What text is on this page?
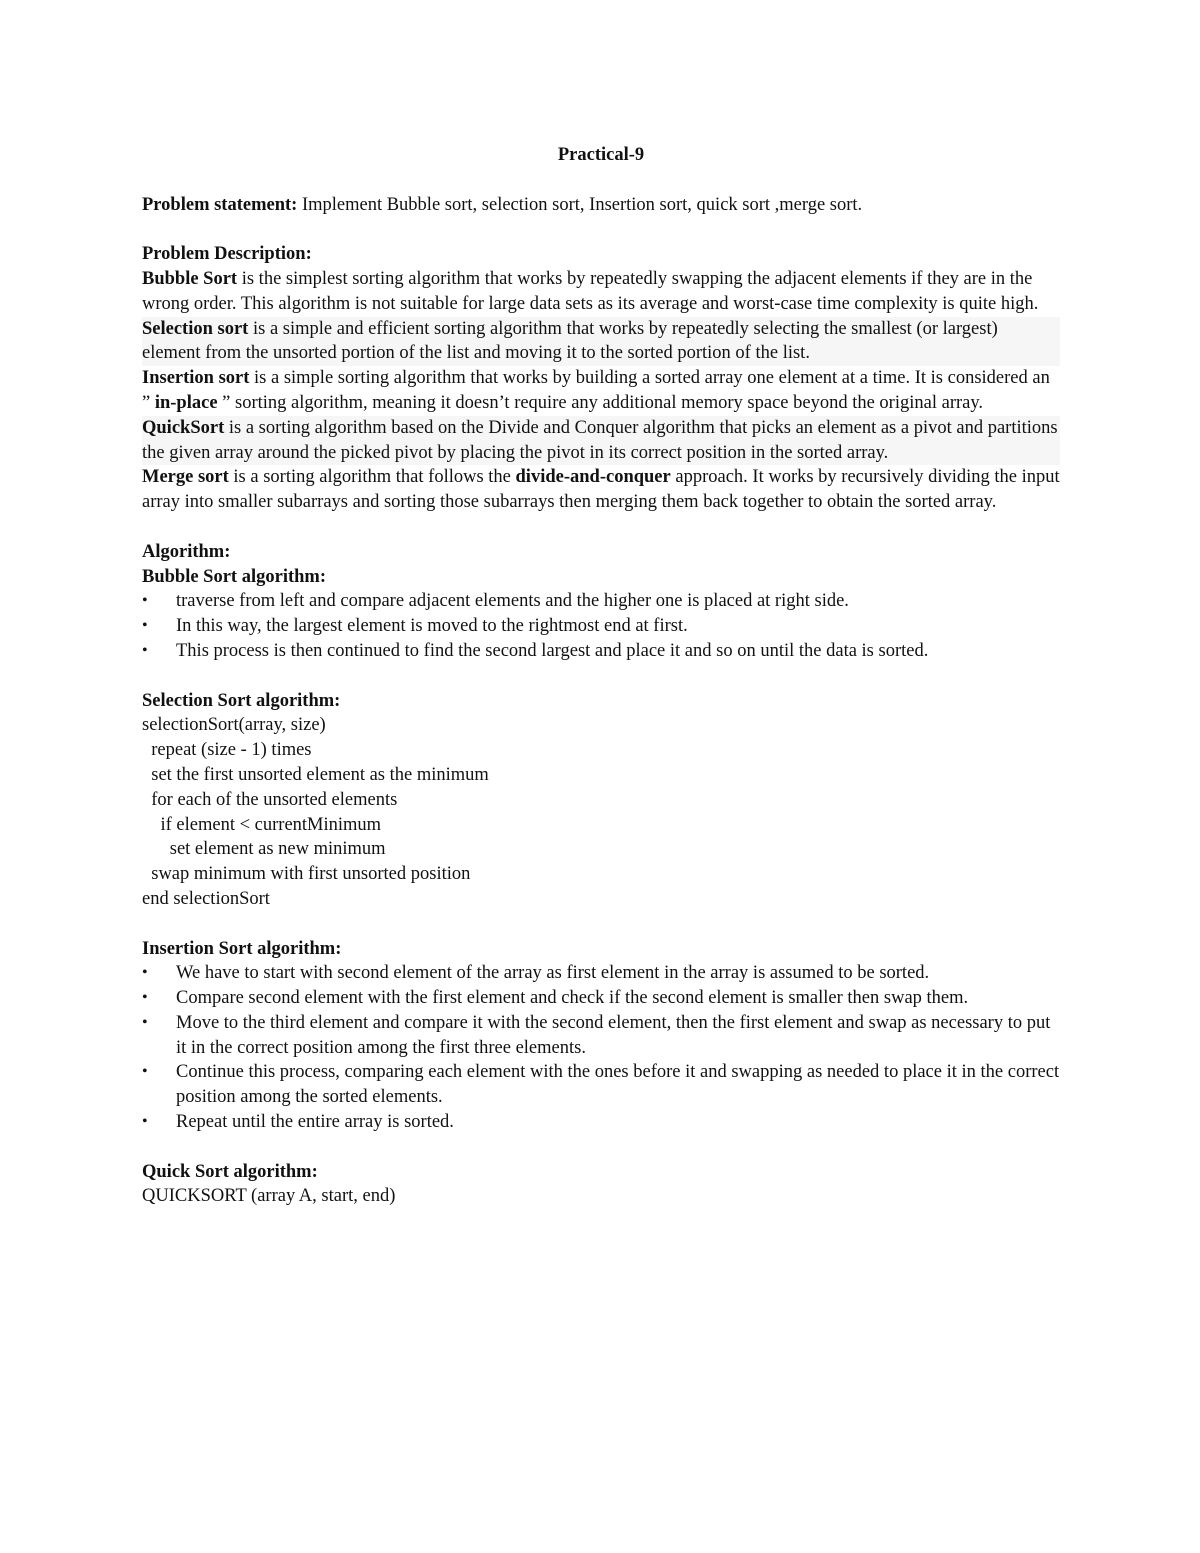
Practical-9

Problem statement: Implement Bubble sort, selection sort, Insertion sort, quick sort ,merge sort.

Problem Description:

Bubble Sort is the simplest sorting algorithm that works by repeatedly swapping the adjacent elements if they are in the wrong order. This algorithm is not suitable for large data sets as its average and worst-case time complexity is quite high.

Selection sort is a simple and efficient sorting algorithm that works by repeatedly selecting the smallest (or largest) element from the unsorted portion of the list and moving it to the sorted portion of the list.

Insertion sort is a simple sorting algorithm that works by building a sorted array one element at a time. It is considered an ” in-place ” sorting algorithm, meaning it doesn’t require any additional memory space beyond the original array.

QuickSort is a sorting algorithm based on the Divide and Conquer algorithm that picks an element as a pivot and partitions the given array around the picked pivot by placing the pivot in its correct position in the sorted array.

Merge sort is a sorting algorithm that follows the divide-and-conquer approach. It works by recursively dividing the input array into smaller subarrays and sorting those subarrays then merging them back together to obtain the sorted array.

Algorithm:

Bubble Sort algorithm:

• traverse from left and compare adjacent elements and the higher one is placed at right side.
• In this way, the largest element is moved to the rightmost end at first.
• This process is then continued to find the second largest and place it and so on until the data is sorted.

Selection Sort algorithm:

selectionSort(array, size)

repeat (size - 1) times

set the first unsorted element as the minimum

for each of the unsorted elements

if element < currentMinimum

set element as new minimum

swap minimum with first unsorted position

end selectionSort

Insertion Sort algorithm:

• We have to start with second element of the array as first element in the array is assumed to be sorted.
• Compare second element with the first element and check if the second element is smaller then swap them.
• Move to the third element and compare it with the second element, then the first element and swap as necessary to put it in the correct position among the first three elements.
• Continue this process, comparing each element with the ones before it and swapping as needed to place it in the correct position among the sorted elements.
• Repeat until the entire array is sorted.

Quick Sort algorithm:

QUICKSORT (array A, start, end)
